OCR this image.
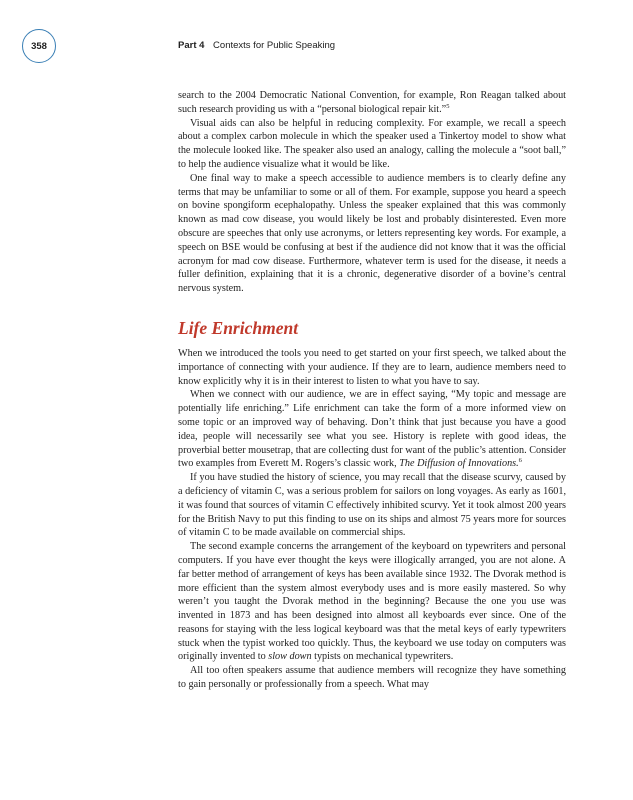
358	Part 4 Contexts for Public Speaking

search to the 2004 Democratic National Convention, for example, Ron Reagan talked about such research providing us with a “personal biological repair kit.”$^5$

Visual aids can also be helpful in reducing complexity. For example, we recall a speech about a complex carbon molecule in which the speaker used a Tinkertoy model to show what the molecule looked like. The speaker also used an analogy, calling the molecule a “soot ball,” to help the audience visualize what it would be like.

One final way to make a speech accessible to audience members is to clearly define any terms that may be unfamiliar to some or all of them. For example, suppose you heard a speech on bovine spongiform ecephalopathy. Unless the speaker explained that this was commonly known as mad cow disease, you would likely be lost and probably disinterested. Even more obscure are speeches that only use acronyms, or letters representing key words. For example, a speech on BSE would be confusing at best if the audience did not know that it was the official acronym for mad cow disease. Furthermore, whatever term is used for the disease, it needs a fuller definition, explaining that it is a chronic, degenerative disorder of a bovine’s central nervous system.

Life Enrichment

When we introduced the tools you need to get started on your first speech, we talked about the importance of connecting with your audience. If they are to learn, audience members need to know explicitly why it is in their interest to listen to what you have to say.

When we connect with our audience, we are in effect saying, “My topic and message are potentially life enriching.” Life enrichment can take the form of a more informed view on some topic or an improved way of behaving. Don’t think that just because you have a good idea, people will necessarily see what you see. History is replete with good ideas, the proverbial better mousetrap, that are collecting dust for want of the public’s attention. Consider two examples from Everett M. Rogers’s classic work, The Diffusion of Innovations.$^6$

If you have studied the history of science, you may recall that the disease scurvy, caused by a deficiency of vitamin C, was a serious problem for sailors on long voyages. As early as 1601, it was found that sources of vitamin C effectively inhibited scurvy. Yet it took almost 200 years for the British Navy to put this finding to use on its ships and almost 75 years more for sources of vitamin C to be made available on commercial ships.

The second example concerns the arrangement of the keyboard on typewriters and personal computers. If you have ever thought the keys were illogically arranged, you are not alone. A far better method of arrangement of keys has been available since 1932. The Dvorak method is more efficient than the system almost everybody uses and is more easily mastered. So why weren’t you taught the Dvorak method in the beginning? Because the one you use was invented in 1873 and has been designed into almost all keyboards ever since. One of the reasons for staying with the less logical keyboard was that the metal keys of early typewriters stuck when the typist worked too quickly. Thus, the keyboard we use today on computers was originally invented to slow down typists on mechanical typewriters.

All too often speakers assume that audience members will recognize they have something to gain personally or professionally from a speech. What may
